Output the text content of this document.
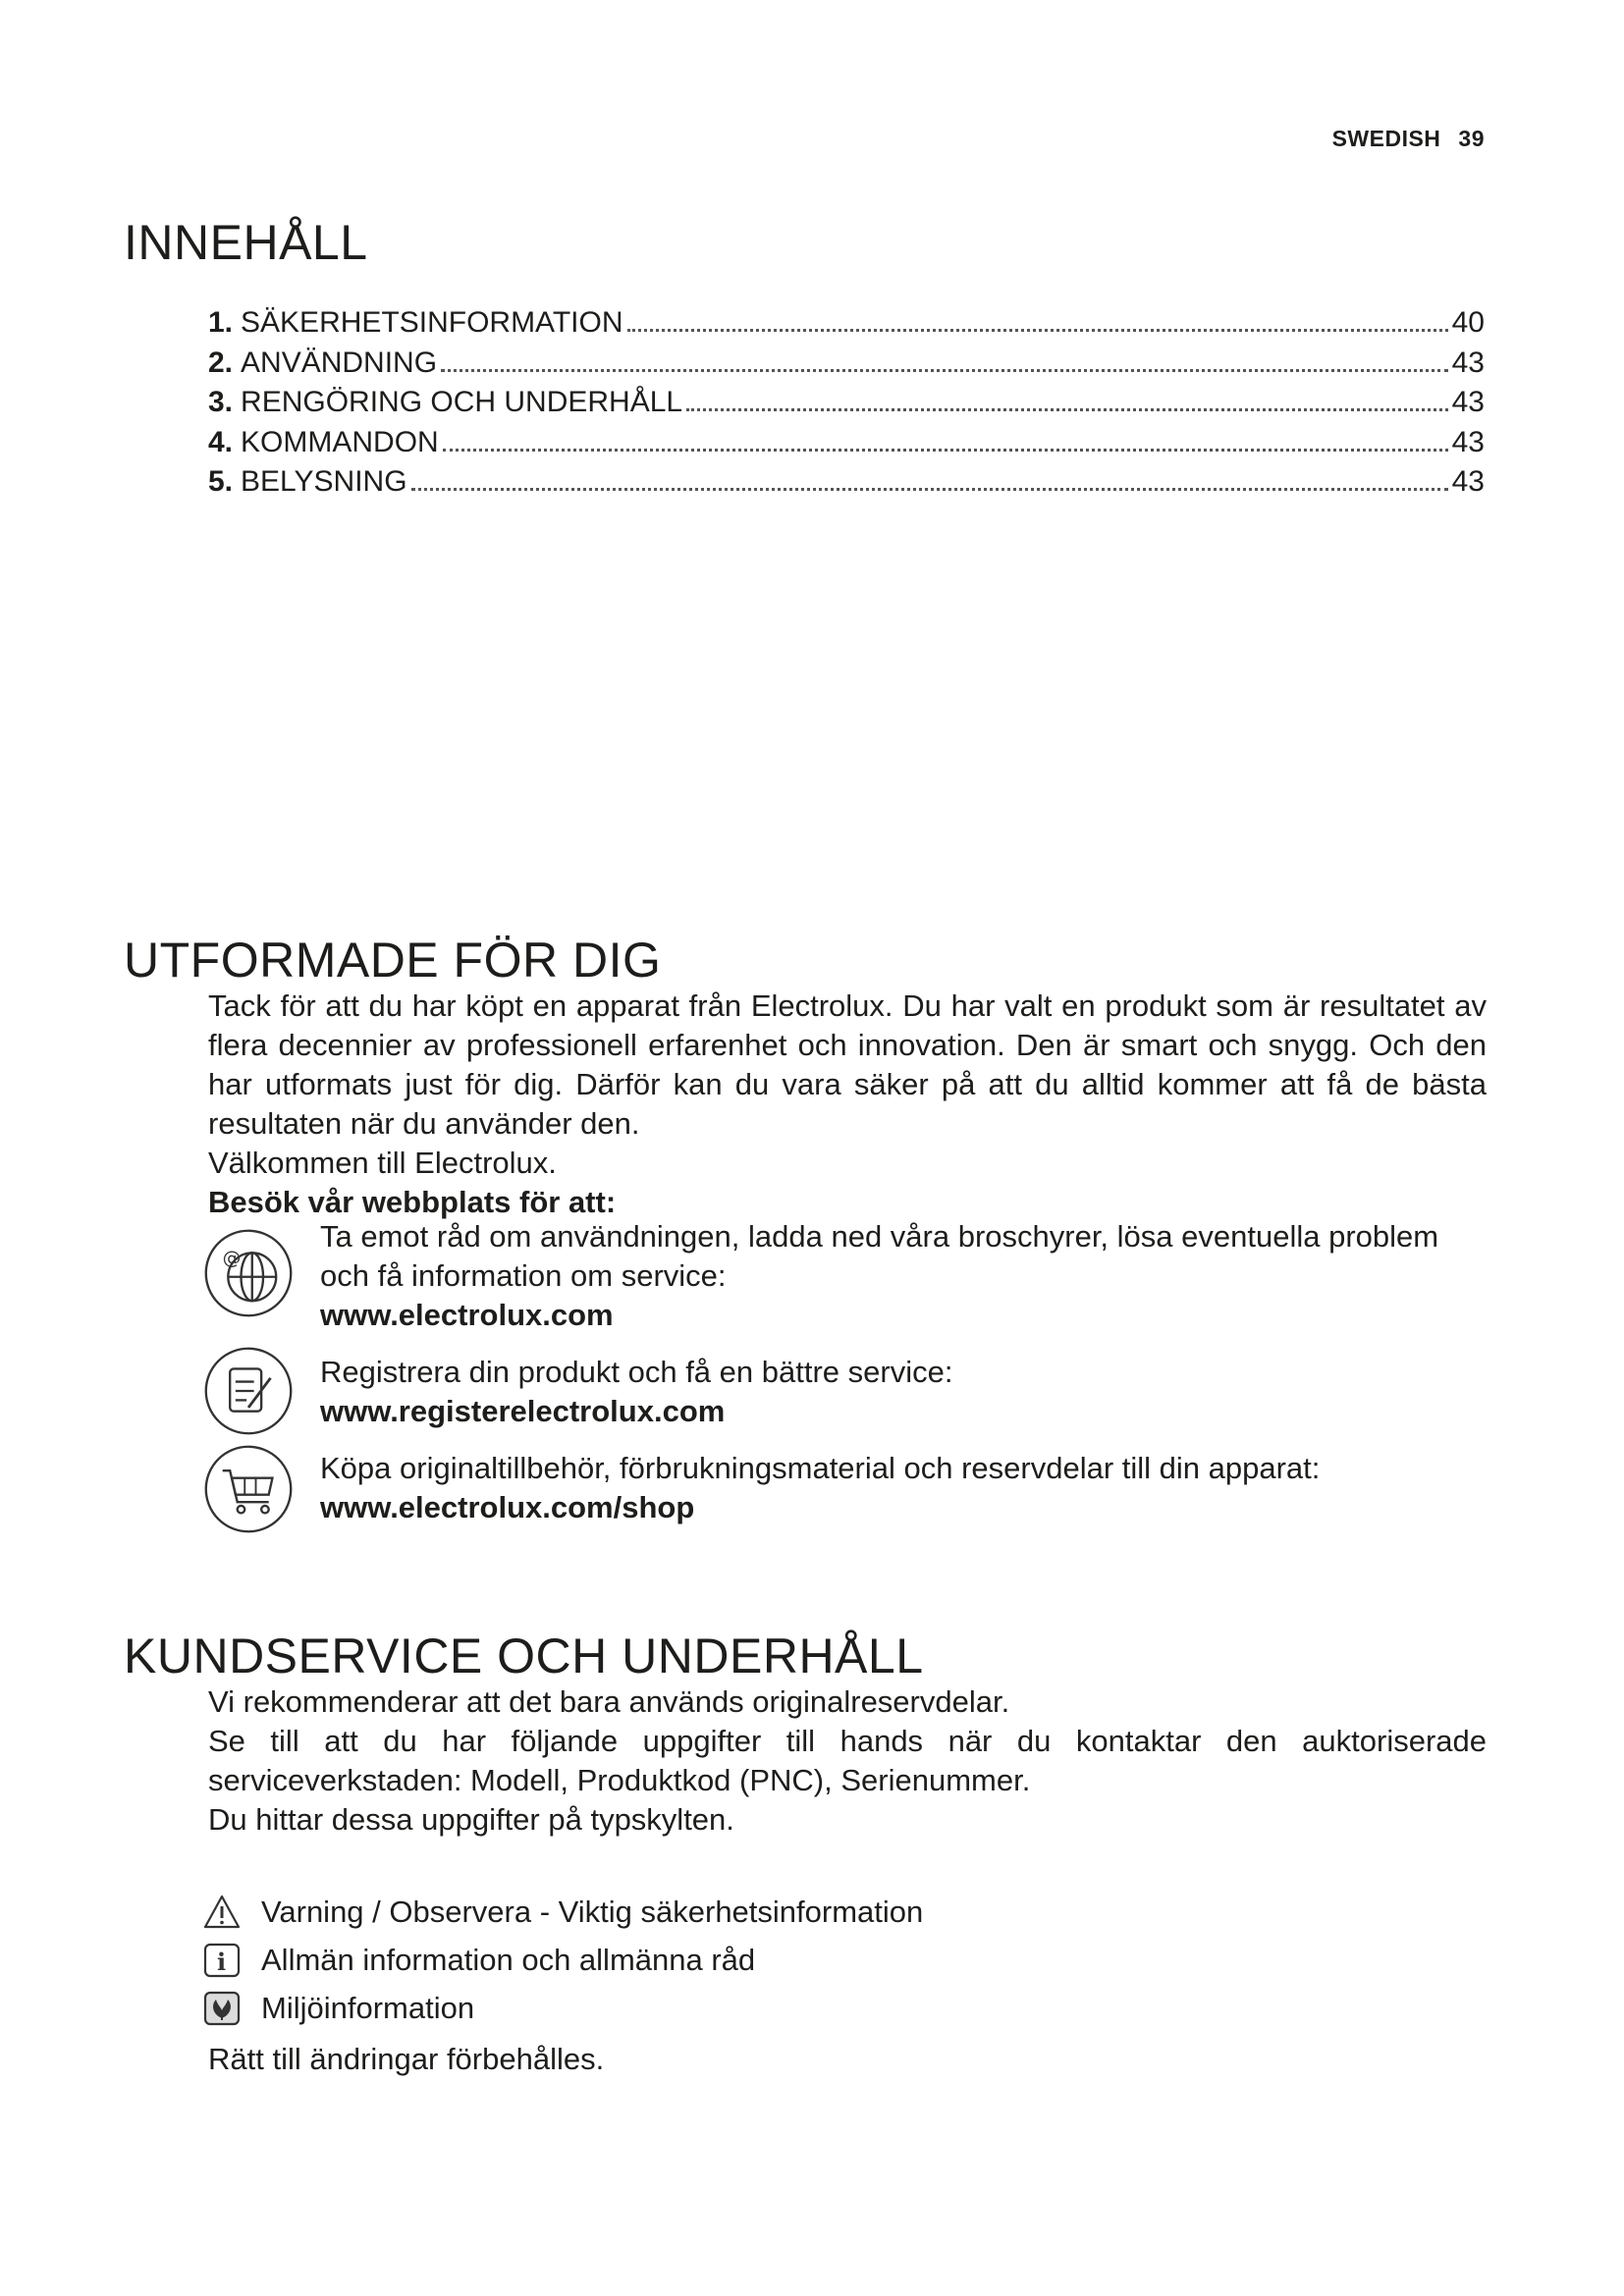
SWEDISH 39
INNEHÅLL
1. SÄKERHETSINFORMATION	40
2. ANVÄNDNING	43
3. RENGÖRING OCH UNDERHÅLL	43
4. KOMMANDON	43
5. BELYSNING	43
UTFORMADE FÖR DIG

Tack för att du har köpt en apparat från Electrolux. Du har valt en produkt som är resultatet av flera decennier av professionell erfarenhet och innovation. Den är smart och snygg. Och den har utformats just för dig. Därför kan du vara säker på att du alltid kommer att få de bästa resultaten när du använder den.

Välkommen till Electrolux.

Besök vår webbplats för att:

@
Ta emot råd om användningen, ladda ned våra broschyrer, lösa eventuella problem och få information om service:
www.electrolux.com
Registrera din produkt och få en bättre service:
www.registerelectrolux.com
Köpa originaltillbehör, förbrukningsmaterial och reservdelar till din apparat:
www.electrolux.com/shop
KUNDSERVICE OCH UNDERHÅLL

Vi rekommenderar att det bara används originalreservdelar.

Se till att du har följande uppgifter till hands när du kontaktar den auktoriserade serviceverkstaden: Modell, Produktkod (PNC), Serienummer.

Du hittar dessa uppgifter på typskylten.

Varning / Observera - Viktig säkerhetsinformation
i Allmän information och allmänna råd
Miljöinformation

Rätt till ändringar förbehålles.
